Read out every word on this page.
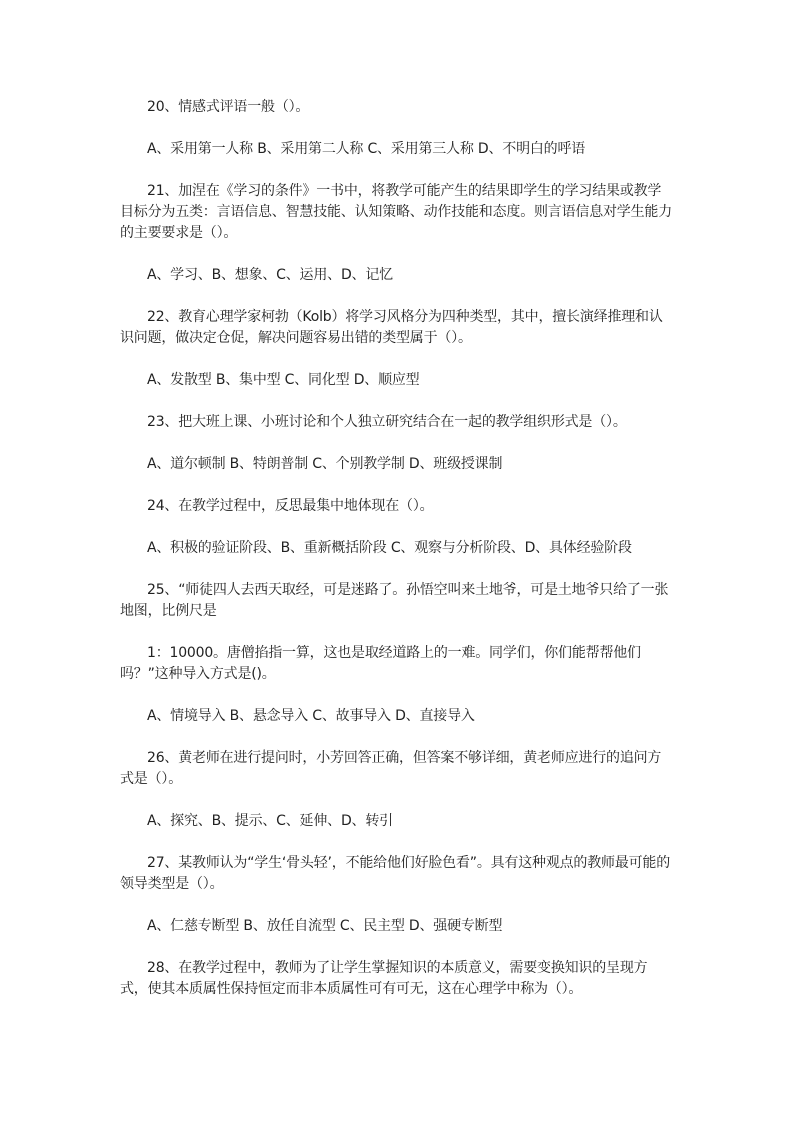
20、情感式评语一般（）。

A、采用第一人称 B、采用第二人称 C、采用第三人称 D、不明白的呼语

21、加涅在《学习的条件》一书中，将教学可能产生的结果即学生的学习结果或教学目标分为五类：言语信息、智慧技能、认知策略、动作技能和态度。则言语信息对学生能力的主要要求是（）。

A、学习、B、想象、C、运用、D、记忆

22、教育心理学家柯勃（Kolb）将学习风格分为四种类型，其中，擅长演绎推理和认识问题，做决定仓促，解决问题容易出错的类型属于（）。

A、发散型 B、集中型 C、同化型 D、顺应型

23、把大班上课、小班讨论和个人独立研究结合在一起的教学组织形式是（）。

A、道尔顿制 B、特朗普制 C、个别教学制 D、班级授课制

24、在教学过程中，反思最集中地体现在（）。

A、积极的验证阶段、B、重新概括阶段 C、观察与分析阶段、D、具体经验阶段

25、“师徒四人去西天取经，可是迷路了。孙悟空叫来土地爷，可是土地爷只给了一张地图，比例尺是

1：10000。唐僧掐指一算，这也是取经道路上的一难。同学们，你们能帮帮他们吗？”这种导入方式是()。

A、情境导入 B、悬念导入 C、故事导入 D、直接导入

26、黄老师在进行提问时，小芳回答正确，但答案不够详细，黄老师应进行的追问方式是（）。

A、探究、B、提示、C、延伸、D、转引

27、某教师认为“学生‘骨头轻’，不能给他们好脸色看”。具有这种观点的教师最可能的领导类型是（）。

A、仁慈专断型 B、放任自流型 C、民主型 D、强硬专断型

28、在教学过程中，教师为了让学生掌握知识的本质意义，需要变换知识的呈现方式，使其本质属性保持恒定而非本质属性可有可无，这在心理学中称为（）。
